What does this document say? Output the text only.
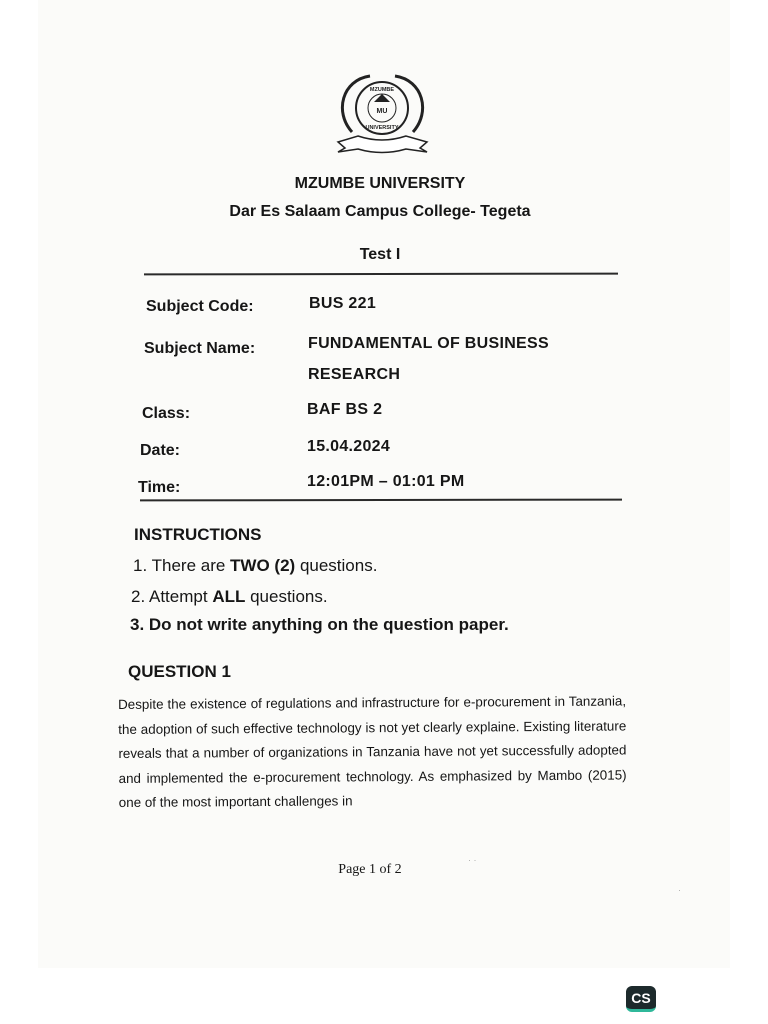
MZUMBE
MU
UNIVERSITY
MZUMBE UNIVERSITY
Dar Es Salaam Campus College- Tegeta
Test I
Subject Code:	BUS 221
Subject Name:	FUNDAMENTAL OF BUSINESS
RESEARCH
Class:	BAF BS 2
Date:	15.04.2024
Time:	12:01PM – 01:01 PM
INSTRUCTIONS
1. There are TWO (2) questions.
2. Attempt ALL questions.
3. Do not write anything on the question paper.
QUESTION 1
Despite the existence of regulations and infrastructure for e-procurement in Tanzania, the adoption of such effective technology is not yet clearly explaine. Existing literature reveals that a number of organizations in Tanzania have not yet successfully adopted and implemented the e-procurement technology. As emphasized by Mambo (2015) one of the most important challenges in
Page 1 of 2
· ·
·
CS
